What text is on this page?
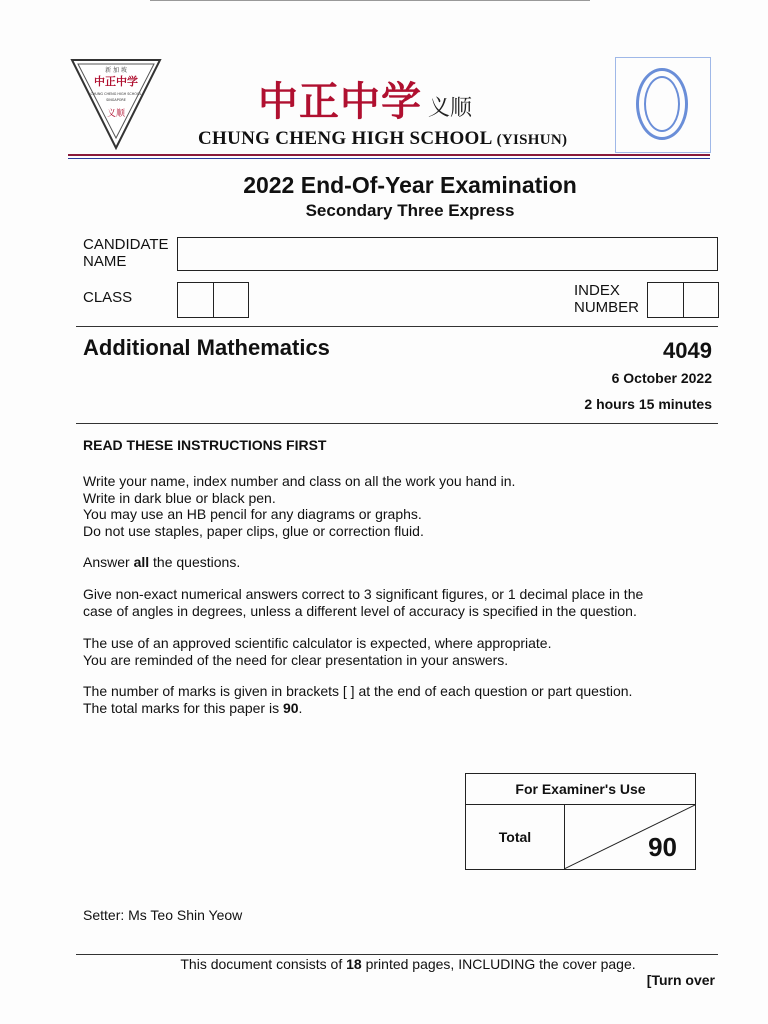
新 加 坡
中正中学
CHUNG CHENG HIGH SCHOOL
SINGAPORE
义顺	中正中学 义顺
CHUNG CHENG HIGH SCHOOL (YISHUN)
2022 End-Of-Year Examination
Secondary Three Express
CANDIDATE
NAME
CLASS	INDEX
NUMBER
Additional Mathematics	4049
6 October 2022
2 hours 15 minutes
READ THESE INSTRUCTIONS FIRST
Write your name, index number and class on all the work you hand in.
Write in dark blue or black pen.
You may use an HB pencil for any diagrams or graphs.
Do not use staples, paper clips, glue or correction fluid.
Answer all the questions.
Give non-exact numerical answers correct to 3 significant figures, or 1 decimal place in the
case of angles in degrees, unless a different level of accuracy is specified in the question.
The use of an approved scientific calculator is expected, where appropriate.
You are reminded of the need for clear presentation in your answers.
The number of marks is given in brackets [ ] at the end of each question or part question.
The total marks for this paper is 90.
For Examiner's Use
Total	90
Setter: Ms Teo Shin Yeow
This document consists of 18 printed pages, INCLUDING the cover page.
[Turn over
